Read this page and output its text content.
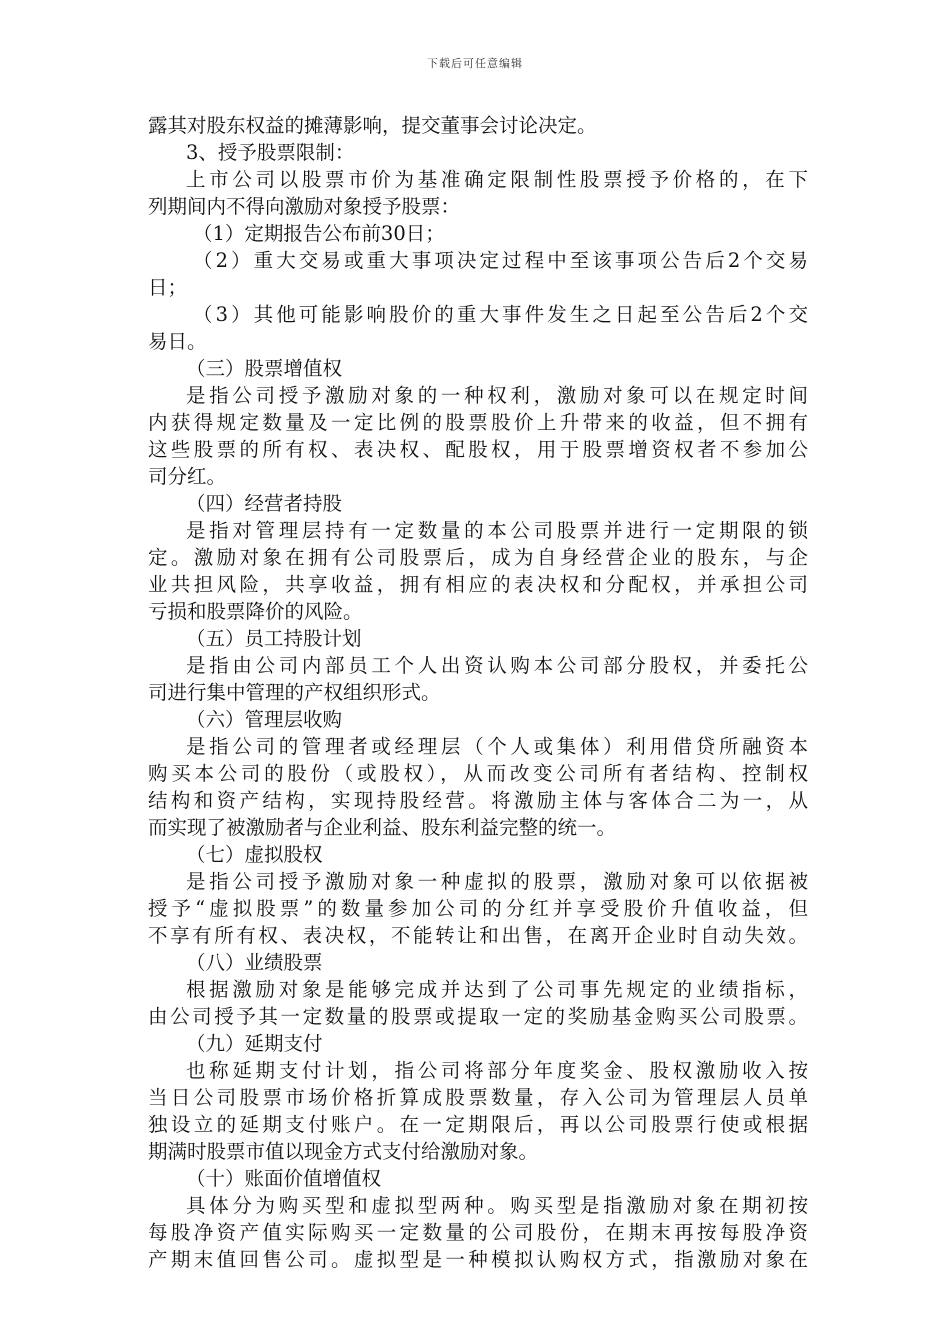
下载后可任意编辑
露其对股东权益的摊薄影响，提交董事会讨论决定。
3、授予股票限制：
上市公司以股票市价为基准确定限制性股票授予价格的，在下
列期间内不得向激励对象授予股票：
（1）定期报告公布前30日；
（2）重大交易或重大事项决定过程中至该事项公告后2个交易
日；
（3）其他可能影响股价的重大事件发生之日起至公告后2个交
易日。
（三）股票增值权
是指公司授予激励对象的一种权利，激励对象可以在规定时间
内获得规定数量及一定比例的股票股价上升带来的收益，但不拥有
这些股票的所有权、表决权、配股权，用于股票增资权者不参加公
司分红。
（四）经营者持股
是指对管理层持有一定数量的本公司股票并进行一定期限的锁
定。激励对象在拥有公司股票后，成为自身经营企业的股东，与企
业共担风险，共享收益，拥有相应的表决权和分配权，并承担公司
亏损和股票降价的风险。
（五）员工持股计划
是指由公司内部员工个人出资认购本公司部分股权，并委托公
司进行集中管理的产权组织形式。
（六）管理层收购
是指公司的管理者或经理层（个人或集体）利用借贷所融资本
购买本公司的股份（或股权），从而改变公司所有者结构、控制权
结构和资产结构，实现持股经营。将激励主体与客体合二为一，从
而实现了被激励者与企业利益、股东利益完整的统一。
（七）虚拟股权
是指公司授予激励对象一种虚拟的股票，激励对象可以依据被
授予“虚拟股票”的数量参加公司的分红并享受股价升值收益，但
不享有所有权、表决权，不能转让和出售，在离开企业时自动失效。
（八）业绩股票
根据激励对象是能够完成并达到了公司事先规定的业绩指标，
由公司授予其一定数量的股票或提取一定的奖励基金购买公司股票。
（九）延期支付
也称延期支付计划，指公司将部分年度奖金、股权激励收入按
当日公司股票市场价格折算成股票数量，存入公司为管理层人员单
独设立的延期支付账户。在一定期限后，再以公司股票行使或根据
期满时股票市值以现金方式支付给激励对象。
（十）账面价值增值权
具体分为购买型和虚拟型两种。购买型是指激励对象在期初按
每股净资产值实际购买一定数量的公司股份，在期末再按每股净资
产期末值回售公司。虚拟型是一种模拟认购权方式，指激励对象在
